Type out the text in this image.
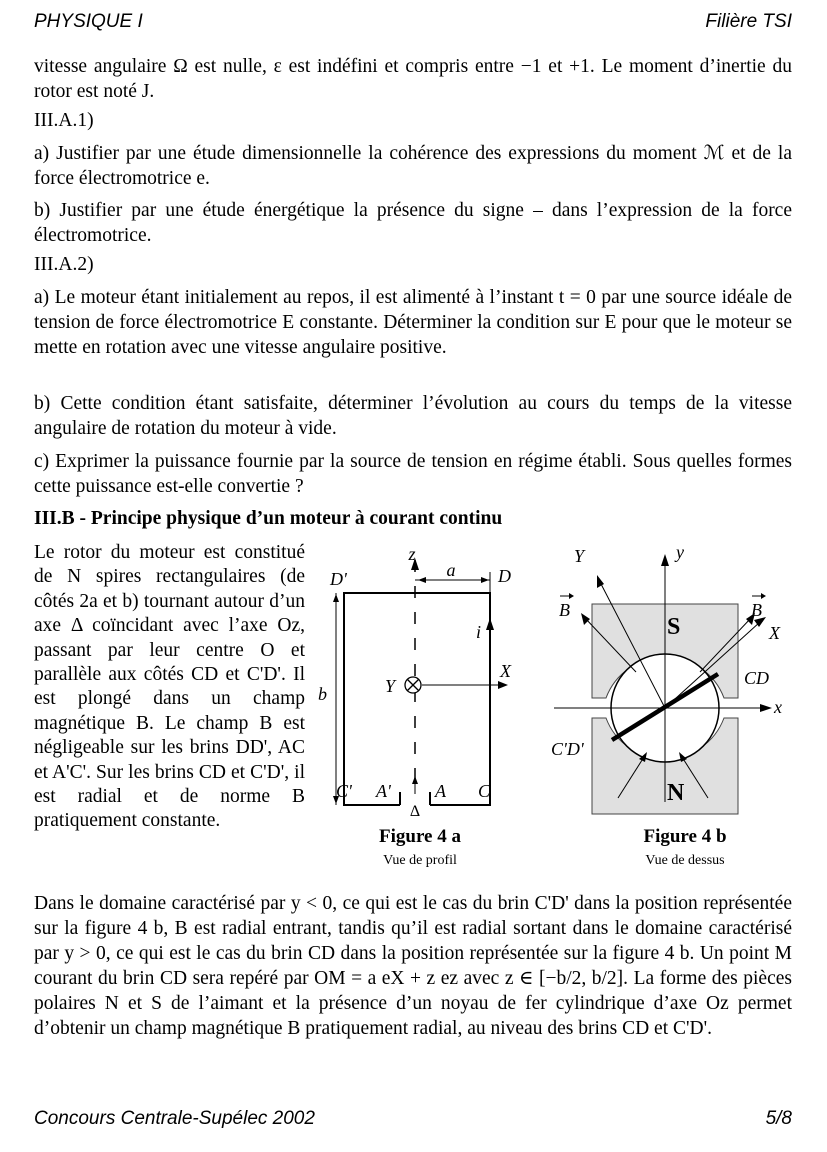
PHYSIQUE I	Filière TSI

vitesse angulaire Ω est nulle, ε est indéfini et compris entre −1 et +1. Le moment d’inertie du rotor est noté J.

III.A.1)

a) Justifier par une étude dimensionnelle la cohérence des expressions du moment ℳ et de la force électromotrice e.

b) Justifier par une étude énergétique la présence du signe – dans l’expression de la force électromotrice.

III.A.2)

a) Le moteur étant initialement au repos, il est alimenté à l’instant t = 0 par une source idéale de tension de force électromotrice E constante. Déterminer la condition sur E pour que le moteur se mette en rotation avec une vitesse angulaire positive.

b) Cette condition étant satisfaite, déterminer l’évolution au cours du temps de la vitesse angulaire de rotation du moteur à vide.

c) Exprimer la puissance fournie par la source de tension en régime établi. Sous quelles formes cette puissance est-elle convertie ?

III.B - Principe physique d’un moteur à courant continu

Le rotor du moteur est constitué de N spires rectangulaires (de côtés 2a et b) tournant autour d’un axe Δ coïncidant avec l’axe Oz, passant par leur centre O et parallèle aux côtés CD et C'D'. Il est plongé dans un champ magnétique B. Le champ B est négligeable sur les brins DD', AC et A'C'. Sur les brins CD et C'D', il est radial et de norme B pratiquement constante.

z
a
D'	D
i
b	Y
X
C' A' A C
Δ
Figure 4 a
Vue de profil
Y	y
B	B
S	X
CD
x
C'D'
N
Figure 4 b
Vue de dessus

Dans le domaine caractérisé par y < 0, ce qui est le cas du brin C'D' dans la position représentée sur la figure 4 b, B est radial entrant, tandis qu’il est radial sortant dans le domaine caractérisé par y > 0, ce qui est le cas du brin CD dans la position représentée sur la figure 4 b. Un point M courant du brin CD sera repéré par OM = a eX + z ez avec z ∈ [−b/2, b/2]. La forme des pièces polaires N et S de l’aimant et la présence d’un noyau de fer cylindrique d’axe Oz permet d’obtenir un champ magnétique B pratiquement radial, au niveau des brins CD et C'D'.

Concours Centrale-Supélec 2002	5/8
